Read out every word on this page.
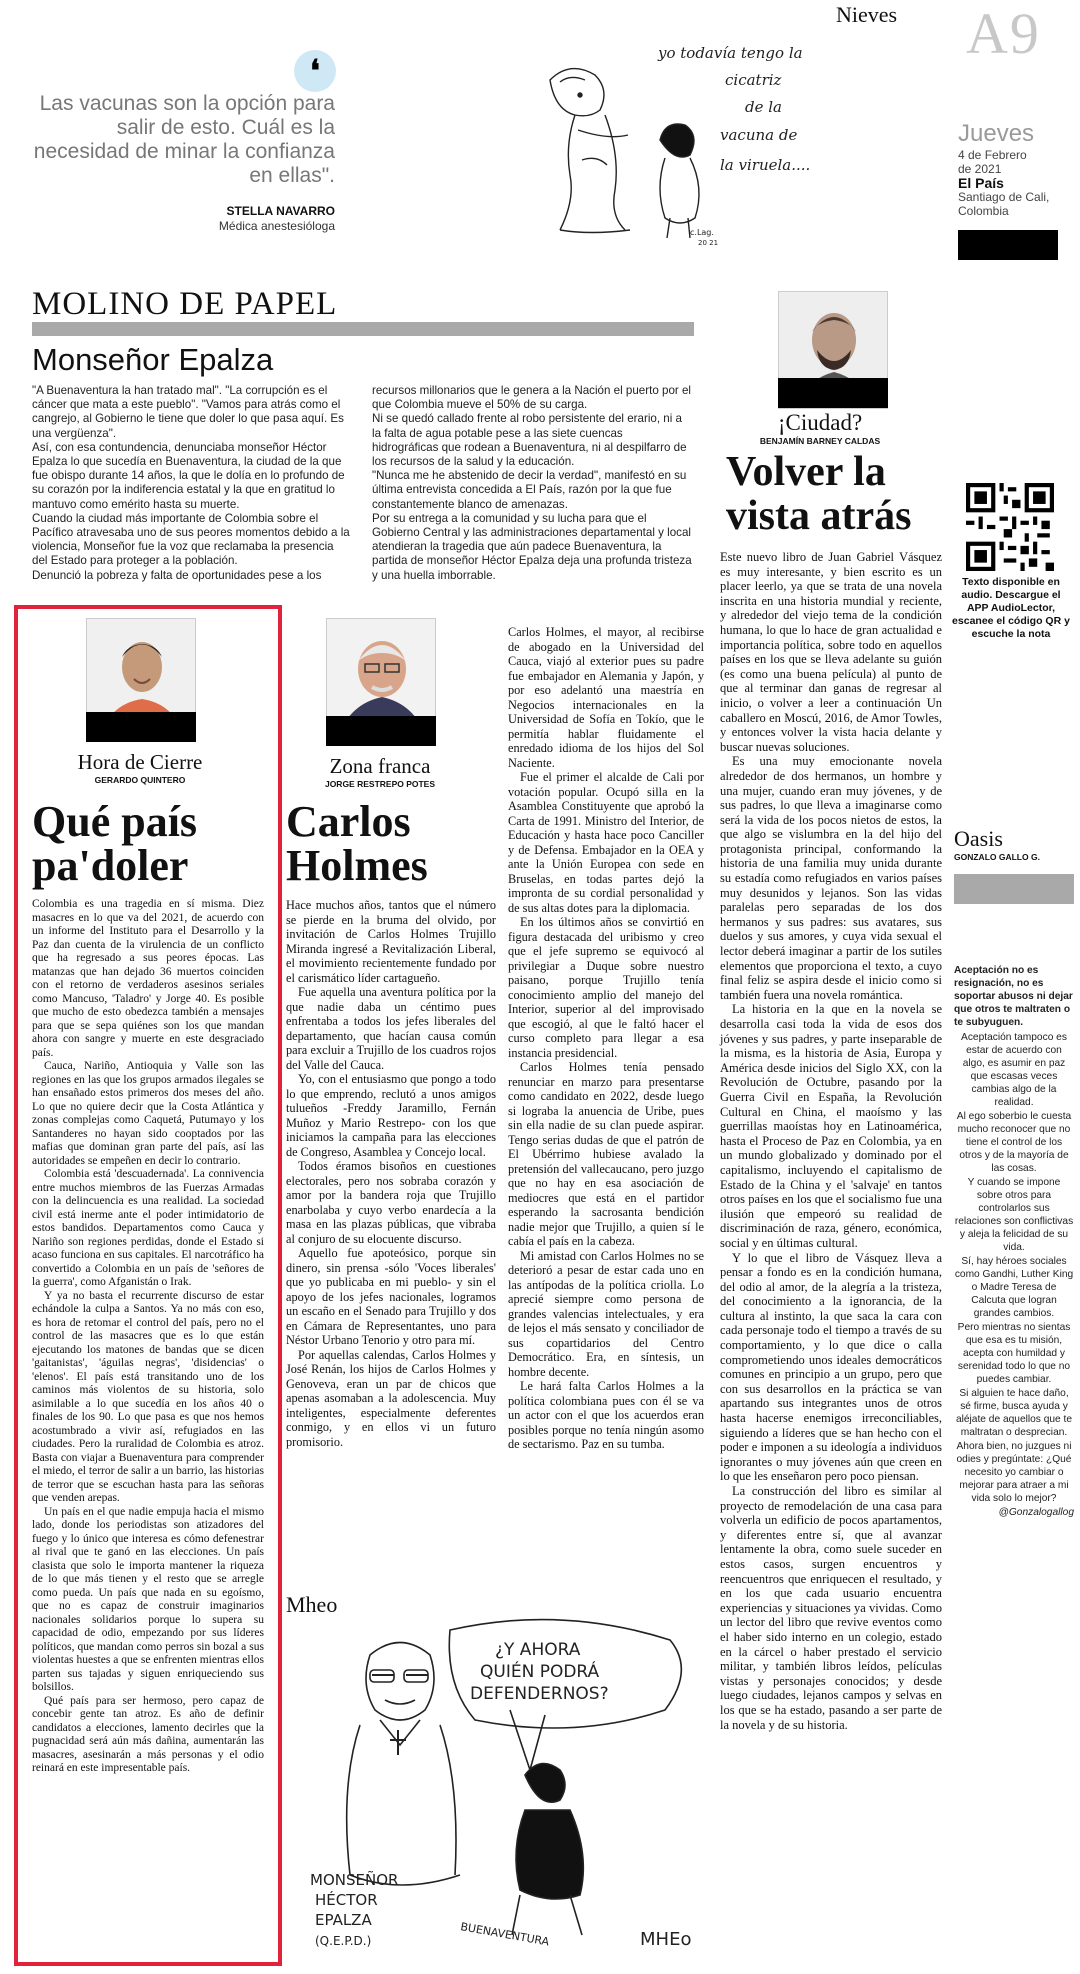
Nieves A9
Jueves
4 de Febrero
de 2021
El País
Santiago de Cali,
Colombia
❛
Las vacunas son la opción para salir de esto. Cuál es la necesidad de minar la confianza en ellas".
STELLA NAVARRO
Médica anestesióloga
yo todavía tengo la
cicatriz
de la
vacuna de
la viruela....
c.Lag.
20 21
MOLINO DE PAPEL
Monseñor Epalza

"A Buenaventura la han tratado mal". "La corrupción es el cáncer que mata a este pueblo". "Vamos para atrás como el cangrejo, al Gobierno le tiene que doler lo que pasa aquí. Es una vergüenza".

Así, con esa contundencia, denunciaba monseñor Héctor Epalza lo que sucedía en Buenaventura, la ciudad de la que fue obispo durante 14 años, la que le dolía en lo profundo de su corazón por la indiferencia estatal y la que en gratitud lo mantuvo como emérito hasta su muerte.

Cuando la ciudad más importante de Colombia sobre el Pacífico atravesaba uno de sus peores momentos debido a la violencia, Monseñor fue la voz que reclamaba la presencia del Estado para proteger a la población.

Denunció la pobreza y falta de oportunidades pese a los

recursos millonarios que le genera a la Nación el puerto por el que Colombia mueve el 50% de su carga.

Ni se quedó callado frente al robo persistente del erario, ni a la falta de agua potable pese a las siete cuencas hidrográficas que rodean a Buenaventura, ni al despilfarro de los recursos de la salud y la educación.

"Nunca me he abstenido de decir la verdad", manifestó en su última entrevista concedida a El País, razón por la que fue constantemente blanco de amenazas.

Por su entrega a la comunidad y su lucha para que el Gobierno Central y las administraciones departamental y local atendieran la tragedia que aún padece Buenaventura, la partida de monseñor Héctor Epalza deja una profunda tristeza y una huella imborrable.

¡Ciudad?
BENJAMÍN BARNEY CALDAS
Volver la vista atrás

Este nuevo libro de Juan Gabriel Vásquez es muy interesante, y bien escrito es un placer leerlo, ya que se trata de una novela inscrita en una historia mundial y reciente, y alrededor del viejo tema de la condición humana, lo que lo hace de gran actualidad e importancia política, sobre todo en aquellos países en los que se lleva adelante su guión (es como una buena película) al punto de que al terminar dan ganas de regresar al inicio, o volver a leer a continuación Un caballero en Moscú, 2016, de Amor Towles, y entonces volver la vista hacia delante y buscar nuevas soluciones.

Es una muy emocionante novela alrededor de dos hermanos, un hombre y una mujer, cuando eran muy jóvenes, y de sus padres, lo que lleva a imaginarse como será la vida de los pocos nietos de estos, la que algo se vislumbra en la del hijo del protagonista principal, conformando la historia de una familia muy unida durante su estadía como refugiados en varios países muy desunidos y lejanos. Son las vidas paralelas pero separadas de los dos hermanos y sus padres: sus avatares, sus duelos y sus amores, y cuya vida sexual el lector deberá imaginar a partir de los sutiles elementos que proporciona el texto, a cuyo final feliz se aspira desde el inicio como si también fuera una novela romántica.

La historia en la que en la novela se desarrolla casi toda la vida de esos dos jóvenes y sus padres, y parte inseparable de la misma, es la historia de Asia, Europa y América desde inicios del Siglo XX, con la Revolución de Octubre, pasando por la Guerra Civil en España, la Revolución Cultural en China, el maoísmo y las guerrillas maoístas hoy en Latinoamérica, hasta el Proceso de Paz en Colombia, ya en un mundo globalizado y dominado por el capitalismo, incluyendo el capitalismo de Estado de la China y el 'salvaje' en tantos otros países en los que el socialismo fue una ilusión que empeoró su realidad de discriminación de raza, género, económica, social y en últimas cultural.

Y lo que el libro de Vásquez lleva a pensar a fondo es en la condición humana, del odio al amor, de la alegría a la tristeza, del conocimiento a la ignorancia, de la cultura al instinto, la que saca la cara con cada personaje todo el tiempo a través de su comportamiento, y lo que dice o calla comprometiendo unos ideales democráticos comunes en principio a un grupo, pero que con sus desarrollos en la práctica se van apartando sus integrantes unos de otros hasta hacerse enemigos irreconciliables, siguiendo a líderes que se han hecho con el poder e imponen a su ideología a individuos ignorantes o muy jóvenes aún que creen en lo que les enseñaron pero poco piensan.

La construcción del libro es similar al proyecto de remodelación de una casa para volverla un edificio de pocos apartamentos, y diferentes entre sí, que al avanzar lentamente la obra, como suele suceder en estos casos, surgen encuentros y reencuentros que enriquecen el resultado, y en los que cada usuario encuentra experiencias y situaciones ya vividas. Como un lector del libro que revive eventos como el haber sido interno en un colegio, estado en la cárcel o haber prestado el servicio militar, y también libros leídos, películas vistas y personajes conocidos; y desde luego ciudades, lejanos campos y selvas en los que se ha estado, pasando a ser parte de la novela y de su historia.

Texto disponible en audio. Descargue el APP AudioLector, escanee el código QR y escuche la nota
Oasis
GONZALO GALLO G.

Aceptación no es resignación, no es soportar abusos ni dejar que otros te maltraten o te subyuguen.

Aceptación tampoco es estar de acuerdo con algo, es asumir en paz que escasas veces cambias algo de la realidad.

Al ego soberbio le cuesta mucho reconocer que no tiene el control de los otros y de la mayoría de las cosas.

Y cuando se impone sobre otros para controlarlos sus relaciones son conflictivas y aleja la felicidad de su vida.

Sí, hay héroes sociales como Gandhi, Luther King o Madre Teresa de Calcuta que logran grandes cambios.

Pero mientras no sientas que esa es tu misión, acepta con humildad y serenidad todo lo que no puedes cambiar.

Si alguien te hace daño, sé firme, busca ayuda y aléjate de aquellos que te maltratan o desprecian.

Ahora bien, no juzgues ni odies y pregúntate: ¿Qué necesito yo cambiar o mejorar para atraer a mi vida solo lo mejor?

@Gonzalogallog

Hora de Cierre
GERARDO QUINTERO
Qué país pa'doler

Colombia es una tragedia en sí misma. Diez masacres en lo que va del 2021, de acuerdo con un informe del Instituto para el Desarrollo y la Paz dan cuenta de la virulencia de un conflicto que ha regresado a sus peores épocas. Las matanzas que han dejado 36 muertos coinciden con el retorno de verdaderos asesinos seriales como Mancuso, 'Taladro' y Jorge 40. Es posible que mucho de esto obedezca también a mensajes para que se sepa quiénes son los que mandan ahora con sangre y muerte en este desgraciado país.

Cauca, Nariño, Antioquia y Valle son las regiones en las que los grupos armados ilegales se han ensañado estos primeros dos meses del año. Lo que no quiere decir que la Costa Atlántica y zonas complejas como Caquetá, Putumayo y los Santanderes no hayan sido cooptados por las mafias que dominan gran parte del país, así las autoridades se empeñen en decir lo contrario.

Colombia está 'descuadernada'. La connivencia entre muchos miembros de las Fuerzas Armadas con la delincuencia es una realidad. La sociedad civil está inerme ante el poder intimidatorio de estos bandidos. Departamentos como Cauca y Nariño son regiones perdidas, donde el Estado si acaso funciona en sus capitales. El narcotráfico ha convertido a Colombia en un país de 'señores de la guerra', como Afganistán o Irak.

Y ya no basta el recurrente discurso de estar echándole la culpa a Santos. Ya no más con eso, es hora de retomar el control del país, pero no el control de las masacres que es lo que están ejecutando los matones de bandas que se dicen 'gaitanistas', 'águilas negras', 'disidencias' o 'elenos'. El país está transitando uno de los caminos más violentos de su historia, solo asimilable a lo que sucedía en los años 40 o finales de los 90. Lo que pasa es que nos hemos acostumbrado a vivir así, refugiados en las ciudades. Pero la ruralidad de Colombia es atroz. Basta con viajar a Buenaventura para comprender el miedo, el terror de salir a un barrio, las historias de terror que se escuchan hasta para las señoras que venden arepas.

Un país en el que nadie empuja hacia el mismo lado, donde los periodistas son atizadores del fuego y lo único que interesa es cómo defenestrar al rival que te ganó en las elecciones. Un país clasista que solo le importa mantener la riqueza de lo que más tienen y el resto que se arregle como pueda. Un país que nada en su egoísmo, que no es capaz de construir imaginarios nacionales solidarios porque lo supera su capacidad de odio, empezando por sus líderes políticos, que mandan como perros sin bozal a sus violentas huestes a que se enfrenten mientras ellos parten sus tajadas y siguen enriqueciendo sus bolsillos.

Qué país para ser hermoso, pero capaz de concebir gente tan atroz. Es año de definir candidatos a elecciones, lamento decirles que la pugnacidad será aún más dañina, aumentarán las masacres, asesinarán a más personas y el odio reinará en este impresentable país.

Zona franca
JORGE RESTREPO POTES
Carlos Holmes

Hace muchos años, tantos que el número se pierde en la bruma del olvido, por invitación de Carlos Holmes Trujillo Miranda ingresé a Revitalización Liberal, el movimiento recientemente fundado por el carismático líder cartagueño.

Fue aquella una aventura política por la que nadie daba un céntimo pues enfrentaba a todos los jefes liberales del departamento, que hacían causa común para excluir a Trujillo de los cuadros rojos del Valle del Cauca.

Yo, con el entusiasmo que pongo a todo lo que emprendo, reclutó a unos amigos tulueños -Freddy Jaramillo, Fernán Muñoz y Mario Restrepo- con los que iniciamos la campaña para las elecciones de Congreso, Asamblea y Concejo local.

Todos éramos bisoños en cuestiones electorales, pero nos sobraba corazón y amor por la bandera roja que Trujillo enarbolaba y cuyo verbo enardecía a la masa en las plazas públicas, que vibraba al conjuro de su elocuente discurso.

Aquello fue apoteósico, porque sin dinero, sin prensa -sólo 'Voces liberales' que yo publicaba en mi pueblo- y sin el apoyo de los jefes nacionales, logramos un escaño en el Senado para Trujillo y dos en Cámara de Representantes, uno para Néstor Urbano Tenorio y otro para mí.

Por aquellas calendas, Carlos Holmes y José Renán, los hijos de Carlos Holmes y Genoveva, eran un par de chicos que apenas asomaban a la adolescencia. Muy inteligentes, especialmente deferentes conmigo, y en ellos vi un futuro promisorio.

Carlos Holmes, el mayor, al recibirse de abogado en la Universidad del Cauca, viajó al exterior pues su padre fue embajador en Alemania y Japón, y por eso adelantó una maestría en Negocios internacionales en la Universidad de Sofía en Tokío, que le permitía hablar fluidamente el enredado idioma de los hijos del Sol Naciente.

Fue el primer el alcalde de Cali por votación popular. Ocupó silla en la Asamblea Constituyente que aprobó la Carta de 1991. Ministro del Interior, de Educación y hasta hace poco Canciller y de Defensa. Embajador en la OEA y ante la Unión Europea con sede en Bruselas, en todas partes dejó la impronta de su cordial personalidad y de sus altas dotes para la diplomacia.

En los últimos años se convirtió en figura destacada del uribismo y creo que el jefe supremo se equivocó al privilegiar a Duque sobre nuestro paisano, porque Trujillo tenía conocimiento amplio del manejo del Interior, superior al del improvisado que escogió, al que le faltó hacer el curso completo para llegar a esa instancia presidencial.

Carlos Holmes tenía pensado renunciar en marzo para presentarse como candidato en 2022, desde luego si lograba la anuencia de Uribe, pues sin ella nadie de su clan puede aspirar. Tengo serias dudas de que el patrón de El Ubérrimo hubiese avalado la pretensión del vallecaucano, pero juzgo que no hay en esa asociación de mediocres que está en el partidor esperando la sacrosanta bendición nadie mejor que Trujillo, a quien sí le cabía el país en la cabeza.

Mi amistad con Carlos Holmes no se deterioró a pesar de estar cada uno en las antípodas de la política criolla. Lo aprecié siempre como persona de grandes valencias intelectuales, y era de lejos el más sensato y conciliador de sus copartidarios del Centro Democrático. Era, en síntesis, un hombre decente.

Le hará falta Carlos Holmes a la política colombiana pues con él se va un actor con el que los acuerdos eran posibles porque no tenía ningún asomo de sectarismo. Paz en su tumba.

Mheo
¿Y AHORA
QUIÉN PODRÁ
DEFENDERNOS?
MONSEÑOR
HÉCTOR
EPALZA
(Q.E.P.D.)	BUENAVENTURA	MHEo
